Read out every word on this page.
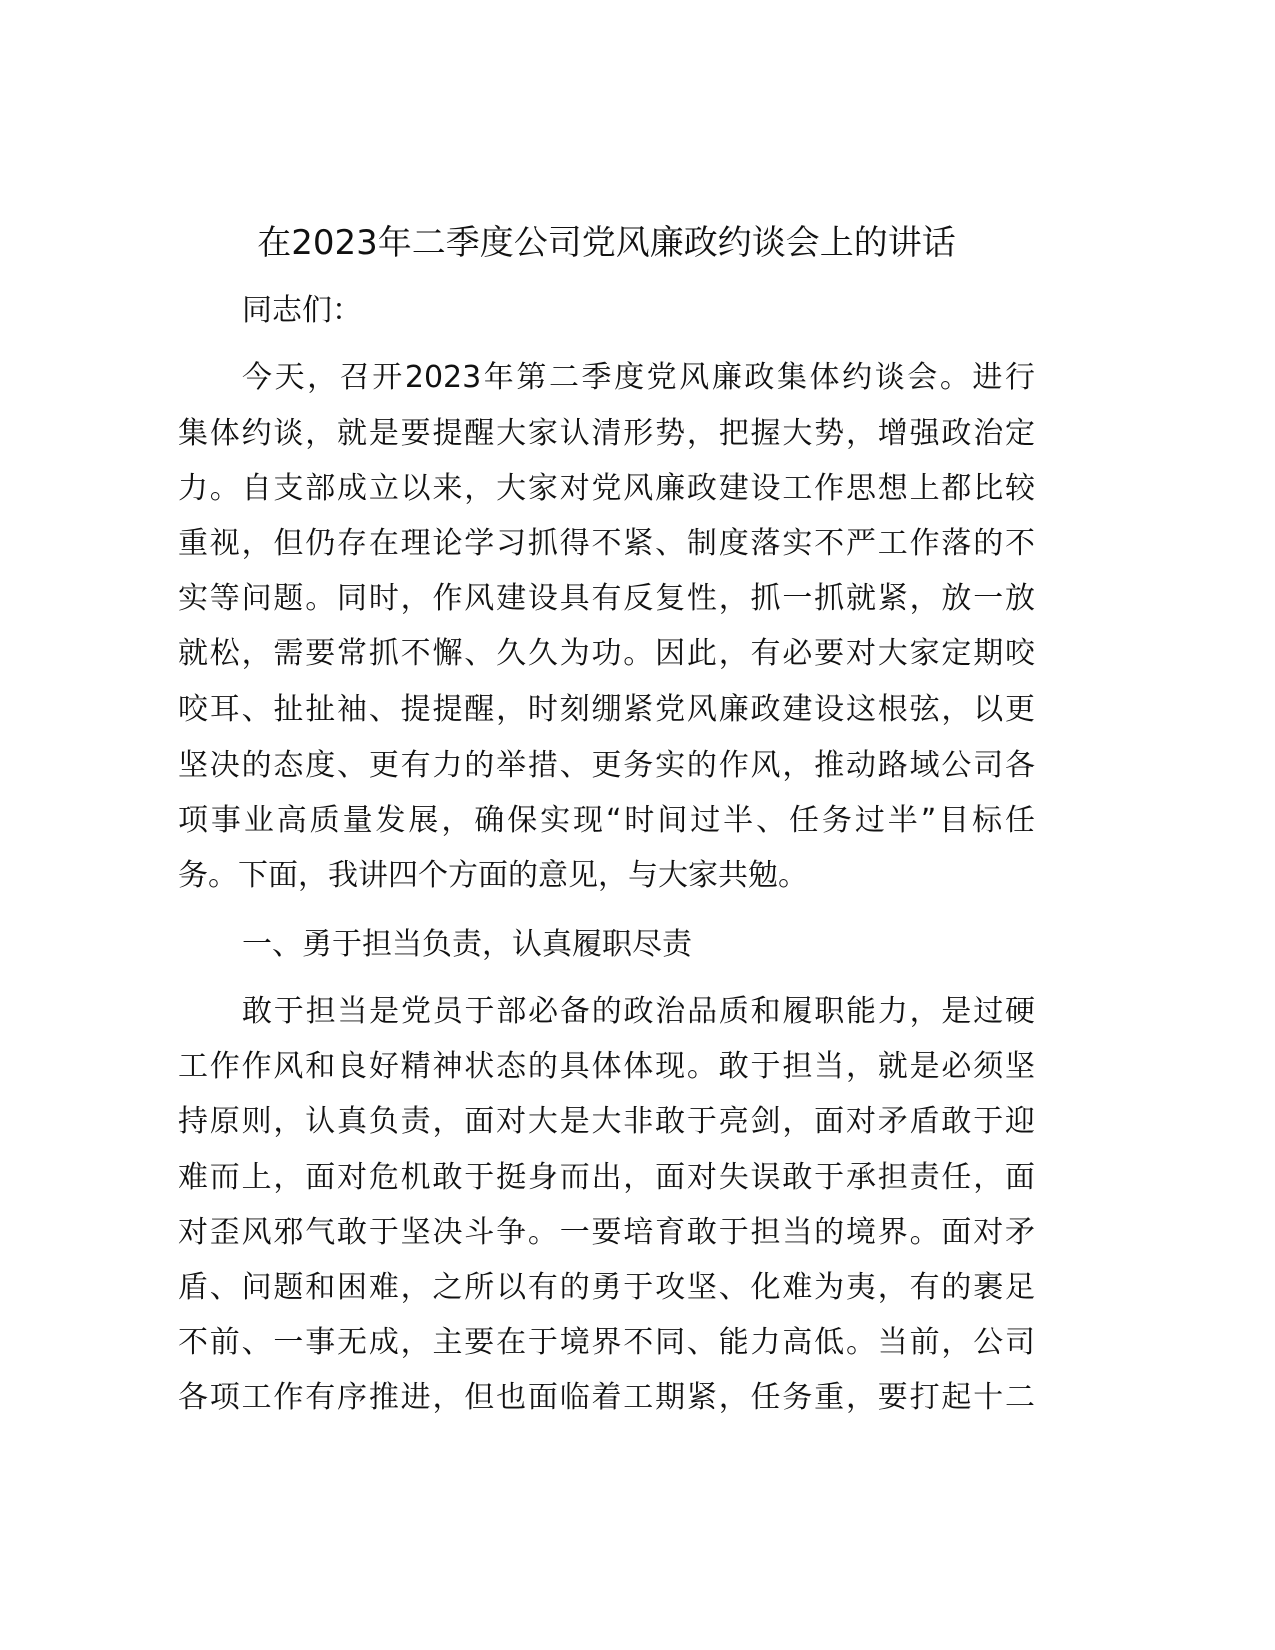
在2023年二季度公司党风廉政约谈会上的讲话
同志们：
今天，召开2023年第二季度党风廉政集体约谈会。进行
集体约谈，就是要提醒大家认清形势，把握大势，增强政治定
力。自支部成立以来，大家对党风廉政建设工作思想上都比较
重视，但仍存在理论学习抓得不紧、制度落实不严工作落的不
实等问题。同时，作风建设具有反复性，抓一抓就紧，放一放
就松，需要常抓不懈、久久为功。因此，有必要对大家定期咬
咬耳、扯扯袖、提提醒，时刻绷紧党风廉政建设这根弦，以更
坚决的态度、更有力的举措、更务实的作风，推动路域公司各
项事业高质量发展，确保实现“时间过半、任务过半”目标任
务。下面，我讲四个方面的意见，与大家共勉。
一、勇于担当负责，认真履职尽责
敢于担当是党员于部必备的政治品质和履职能力，是过硬
工作作风和良好精神状态的具体体现。敢于担当，就是必须坚
持原则，认真负责，面对大是大非敢于亮剑，面对矛盾敢于迎
难而上，面对危机敢于挺身而出，面对失误敢于承担责任，面
对歪风邪气敢于坚决斗争。一要培育敢于担当的境界。面对矛
盾、问题和困难，之所以有的勇于攻坚、化难为夷，有的裹足
不前、一事无成，主要在于境界不同、能力高低。当前，公司
各项工作有序推进，但也面临着工期紧，任务重，要打起十二
